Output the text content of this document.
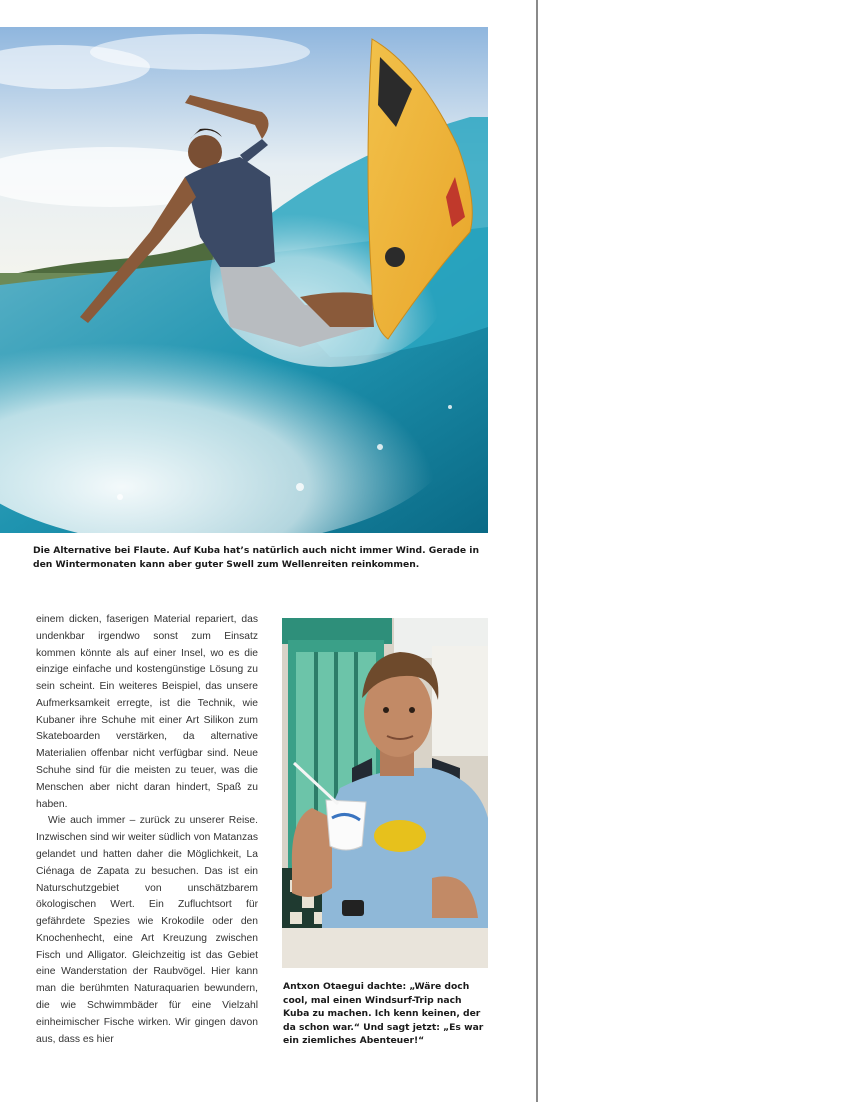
Die Alternative bei Flaute. Auf Kuba hat’s natürlich auch nicht immer Wind. Gerade in den Wintermonaten kann aber guter Swell zum Wellenreiten reinkommen.

einem dicken, faserigen Material repariert, das undenkbar irgendwo sonst zum Einsatz kommen könnte als auf einer Insel, wo es die einzige einfache und kostengünstige Lösung zu sein scheint. Ein weiteres Beispiel, das unsere Aufmerksamkeit erregte, ist die Technik, wie Kubaner ihre Schuhe mit einer Art Silikon zum Skateboarden verstärken, da alternative Materialien offenbar nicht verfügbar sind. Neue Schuhe sind für die meisten zu teuer, was die Menschen aber nicht daran hindert, Spaß zu haben.

Wie auch immer – zurück zu unserer Reise. Inzwischen sind wir weiter südlich von Matanzas gelandet und hatten daher die Möglichkeit, La Ciénaga de Zapata zu besuchen. Das ist ein Naturschutzgebiet von unschätzbarem ökologischen Wert. Ein Zufluchtsort für gefährdete Spezies wie Krokodile oder den Knochenhecht, eine Art Kreuzung zwischen Fisch und Alligator. Gleichzeitig ist das Gebiet eine Wanderstation der Raubvögel. Hier kann man die berühmten Naturaquarien bewundern, die wie Schwimmbäder für eine Vielzahl einheimischer Fische wirken. Wir gingen davon aus, dass es hier

Antxon Otaegui dachte: „Wäre doch cool, mal einen Windsurf-Trip nach Kuba zu machen. Ich kenn keinen, der da schon war.“ Und sagt jetzt: „Es war ein ziemliches Abenteuer!“
